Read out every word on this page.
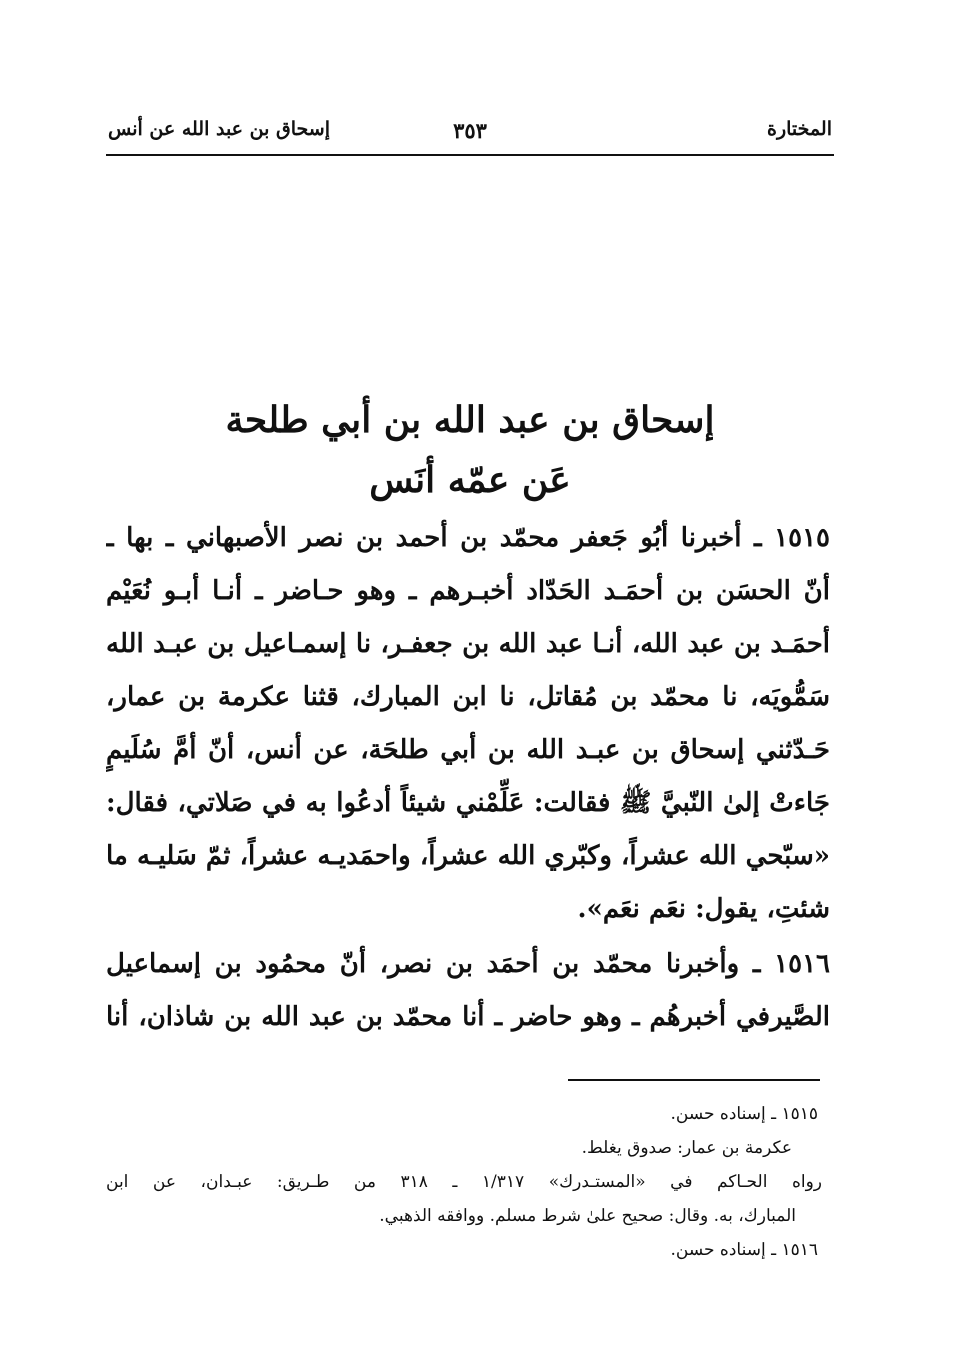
المختارة
٣٥٣
إسحاق بن عبد الله عن أنس
إسحاق بن عبد الله بن أبي طلحة
عَن عمّه أنَس
١٥١٥ ـ أخبرنا أبُو جَعفر محمّد بن أحمد بن نصر الأصبهاني ـ بها ـ
أنّ الحسَن بن أحمَـد الحَدّاد أخبـرهم ـ وهو حـاضر ـ أنـا أبـو نُعَيْم
أحمَـد بن عبد الله، أنـا عبد الله بن جعفـر، نا إسمـاعيل بن عبـد الله
سَمُّويَه، نا محمّد بن مُقاتل، نا ابن المبارك، قثنا عكرمة بن عمار،
حَـدّثني إسحاق بن عبـد الله بن أبي طلحَة، عن أنس، أنّ أمَّ سُلَيمٍ
جَاءتْ إلىٰ النّبيَّ ﷺ فقالت: عَلِّمْني شيئاً أدعُوا به في صَلاتي، فقال:
«سبّحي الله عشراً، وكبّري الله عشراً، واحمَديـه عشراً، ثمّ سَليـه ما
شئتِ، يقول: نعَم نعَم».
١٥١٦ ـ وأخبرنا محمّد بن أحمَد بن نصر، أنّ محمُود بن إسماعيل
الصَّيرفي أخبرهُم ـ وهو حاضر ـ أنا محمّد بن عبد الله بن شاذان، أنا
١٥١٥ ـ إسناده حسن.
عكرمة بن عمار: صدوق يغلط.
رواه الحـاكم في «المستـدرك» ١/٣١٧ ـ ٣١٨ من طـريق: عبـدان، عن ابن
المبارك، به. وقال: صحيح علىٰ شرط مسلم. ووافقه الذهبي.
١٥١٦ ـ إسناده حسن.
